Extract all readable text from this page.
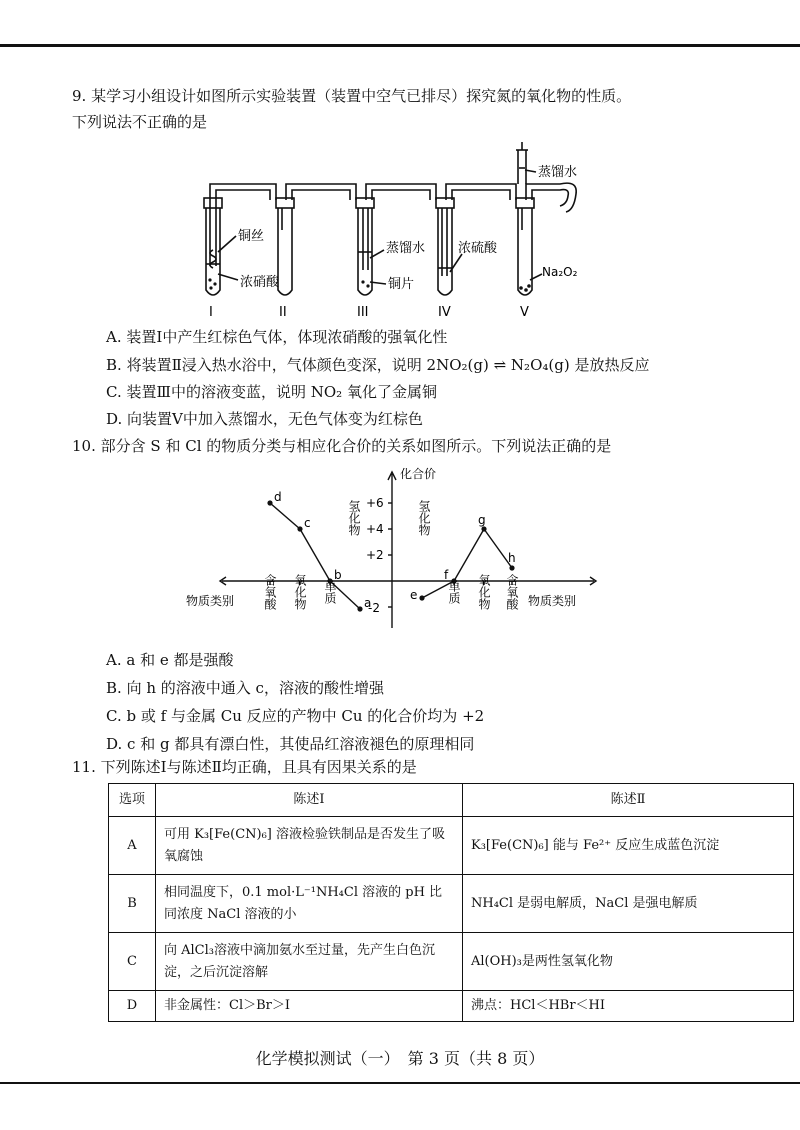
9. 某学习小组设计如图所示实验装置（装置中空气已排尽）探究氮的氧化物的性质。
下列说法不正确的是
蒸馏水
铜丝
浓硝酸
蒸馏水
铜片
浓硫酸
Na₂O₂
I	II	III	IV	V
A. 装置Ⅰ中产生红棕色气体，体现浓硝酸的强氧化性
B. 将装置Ⅱ浸入热水浴中，气体颜色变深，说明 2NO₂(g) ⇌ N₂O₄(g) 是放热反应
C. 装置Ⅲ中的溶液变蓝，说明 NO₂ 氧化了金属铜
D. 向装置Ⅴ中加入蒸馏水，无色气体变为红棕色
10. 部分含 S 和 Cl 的物质分类与相应化合价的关系如图所示。下列说法正确的是
化合价
+6
+4
+2
-2
物质类别	物质类别
d
c
b
a
e
f
g
h
含氧酸 氧化物 单质
氢化物	氢化物
单质 氧化物 含氧酸
A. a 和 e 都是强酸
B. 向 h 的溶液中通入 c，溶液的酸性增强
C. b 或 f 与金属 Cu 反应的产物中 Cu 的化合价均为 +2
D. c 和 g 都具有漂白性，其使品红溶液褪色的原理相同
11. 下列陈述Ⅰ与陈述Ⅱ均正确，且具有因果关系的是
选项	陈述Ⅰ	陈述Ⅱ
A	可用 K₃[Fe(CN)₆] 溶液检验铁制品是否发生了吸氧腐蚀	K₃[Fe(CN)₆] 能与 Fe²⁺ 反应生成蓝色沉淀
B	相同温度下，0.1 mol·L⁻¹NH₄Cl 溶液的 pH 比同浓度 NaCl 溶液的小	NH₄Cl 是弱电解质，NaCl 是强电解质
C	向 AlCl₃溶液中滴加氨水至过量，先产生白色沉淀，之后沉淀溶解	Al(OH)₃是两性氢氧化物
D	非金属性：Cl＞Br＞I	沸点：HCl＜HBr＜HI
化学模拟测试（一）　第 3 页（共 8 页）
